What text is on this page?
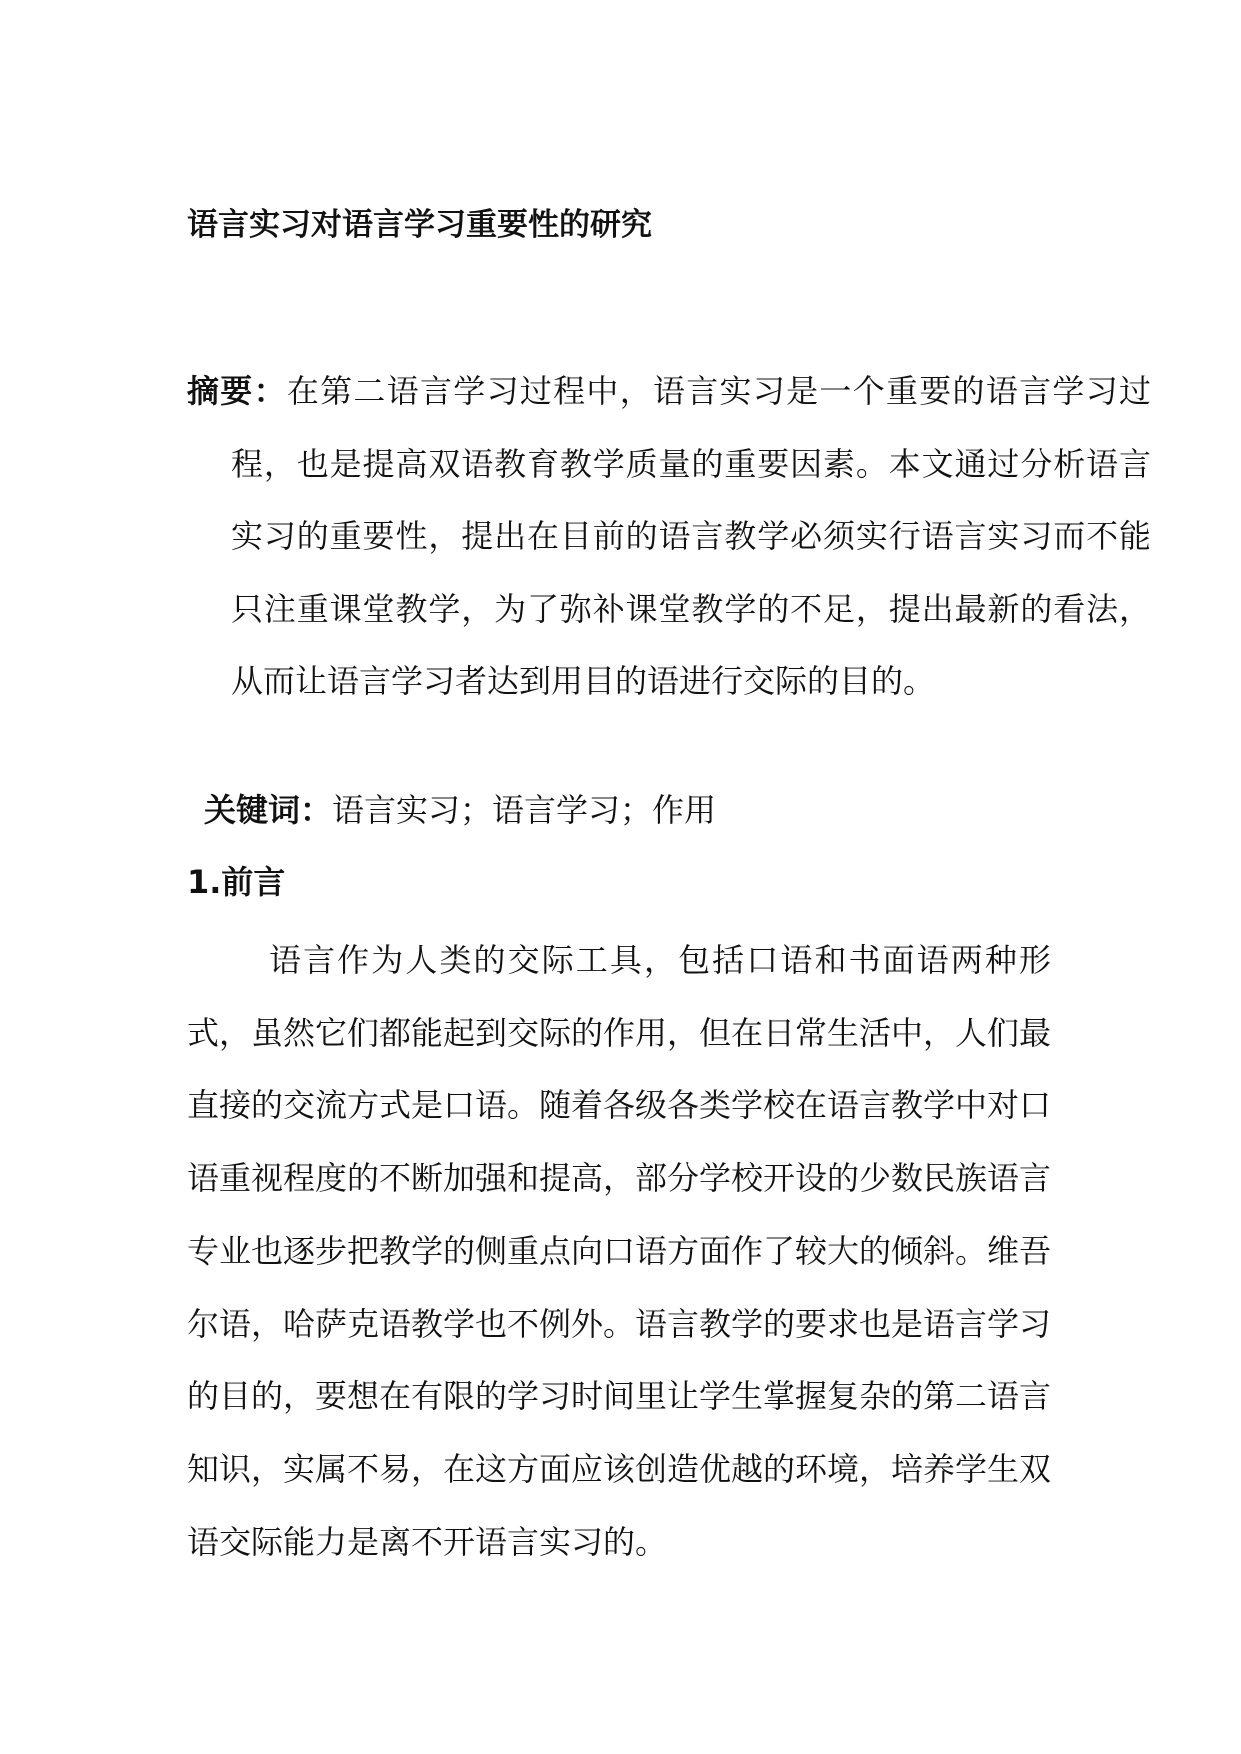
语言实习对语言学习重要性的研究
摘要：在第二语言学习过程中，语言实习是一个重要的语言学习过程，也是提高双语教育教学质量的重要因素。本文通过分析语言实习的重要性，提出在目前的语言教学必须实行语言实习而不能只注重课堂教学，为了弥补课堂教学的不足，提出最新的看法，从而让语言学习者达到用目的语进行交际的目的。
关键词：语言实习；语言学习；作用
1.前言
语言作为人类的交际工具，包括口语和书面语两种形式，虽然它们都能起到交际的作用，但在日常生活中，人们最直接的交流方式是口语。随着各级各类学校在语言教学中对口语重视程度的不断加强和提高，部分学校开设的少数民族语言专业也逐步把教学的侧重点向口语方面作了较大的倾斜。维吾尔语，哈萨克语教学也不例外。语言教学的要求也是语言学习的目的，要想在有限的学习时间里让学生掌握复杂的第二语言知识，实属不易，在这方面应该创造优越的环境，培养学生双语交际能力是离不开语言实习的。
